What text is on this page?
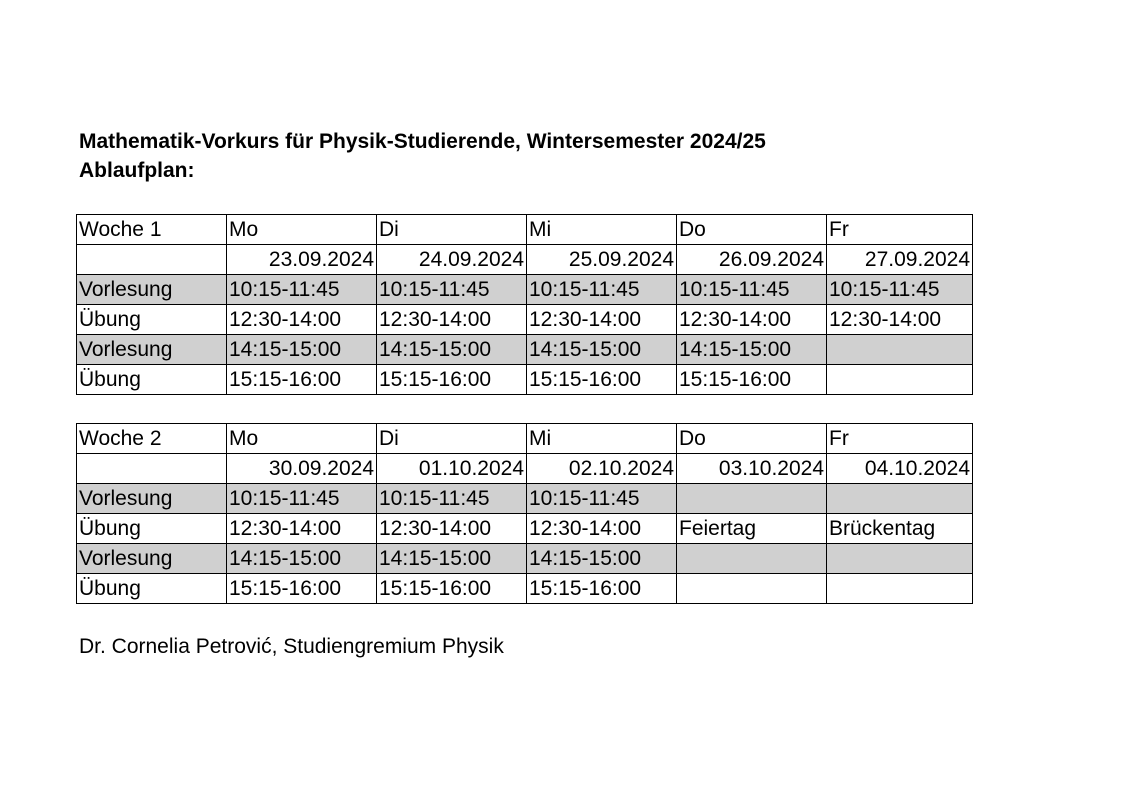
Mathematik-Vorkurs für Physik-Studierende, Wintersemester 2024/25
Ablaufplan:
Woche 1	Mo	Di	Mi	Do	Fr
	23.09.2024	24.09.2024	25.09.2024	26.09.2024	27.09.2024
Vorlesung	10:15-11:45	10:15-11:45	10:15-11:45	10:15-11:45	10:15-11:45
Übung	12:30-14:00	12:30-14:00	12:30-14:00	12:30-14:00	12:30-14:00
Vorlesung	14:15-15:00	14:15-15:00	14:15-15:00	14:15-15:00	
Übung	15:15-16:00	15:15-16:00	15:15-16:00	15:15-16:00	
Woche 2	Mo	Di	Mi	Do	Fr
	30.09.2024	01.10.2024	02.10.2024	03.10.2024	04.10.2024
Vorlesung	10:15-11:45	10:15-11:45	10:15-11:45		
Übung	12:30-14:00	12:30-14:00	12:30-14:00	Feiertag	Brückentag
Vorlesung	14:15-15:00	14:15-15:00	14:15-15:00		
Übung	15:15-16:00	15:15-16:00	15:15-16:00		
Dr. Cornelia Petrović, Studiengremium Physik
